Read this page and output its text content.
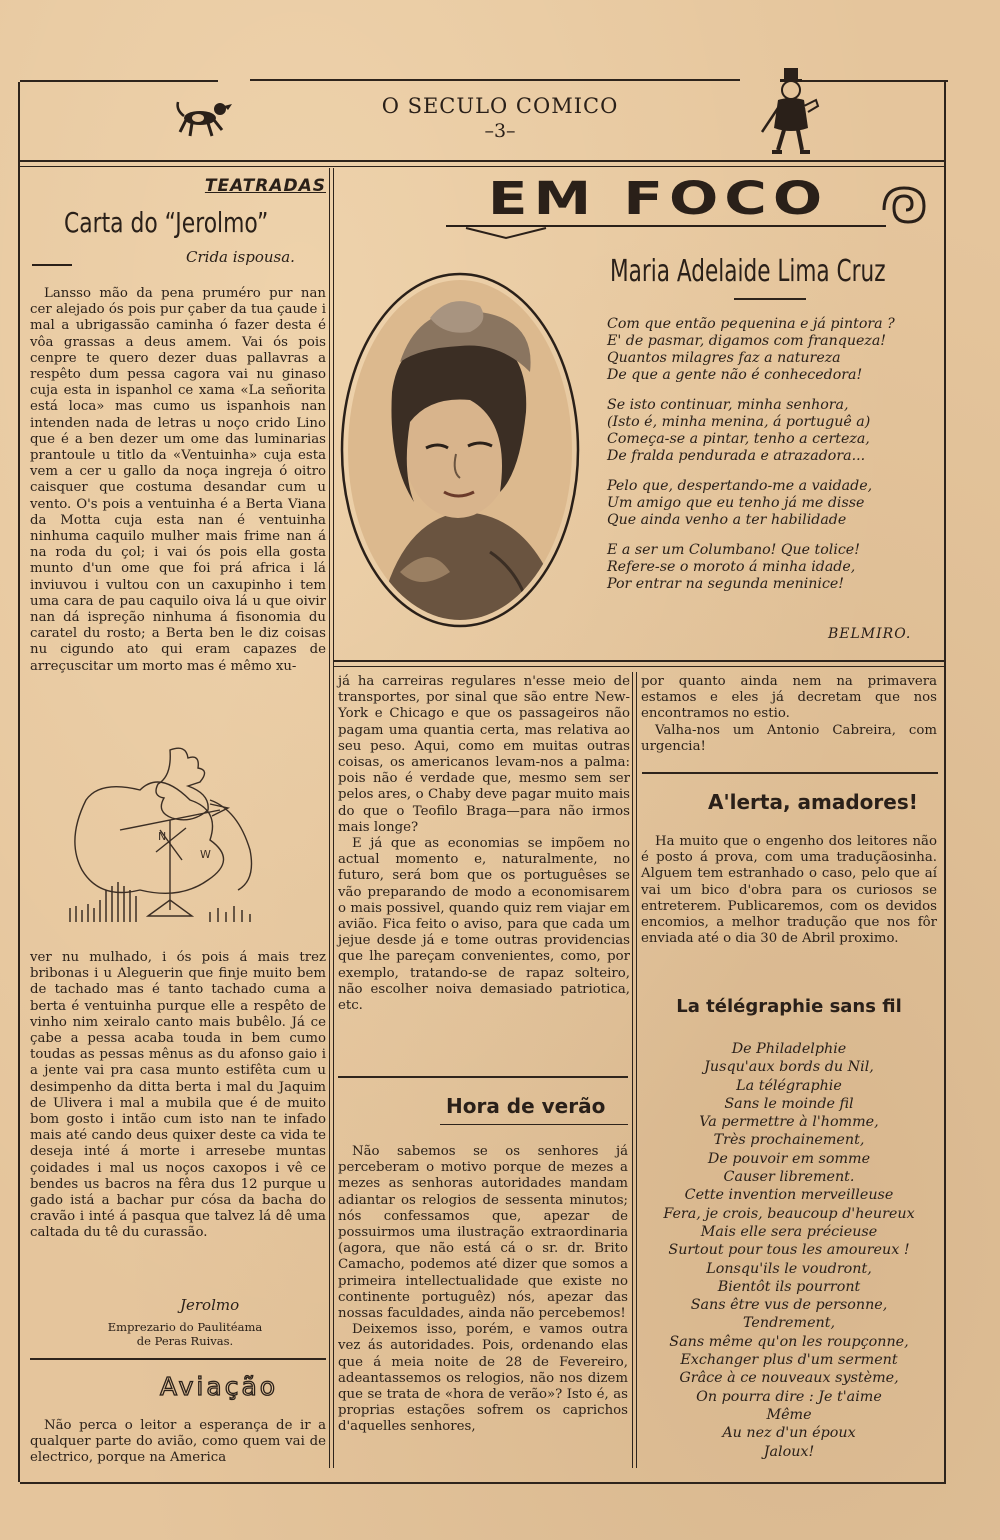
O SECULO COMICO
–3–
TEATRADAS
Carta do “Jerolmo”
Crida ispousa.

Lansso mão da pena pruméro pur nan cer alejado ós pois pur çaber da tua çaude i mal a ubrigassão caminha ó fazer desta é vôa grassas a deus amem. Vai ós pois cenpre te quero dezer duas pallavras a respêto dum pessa cagora vai nu ginaso cuja esta in ispanhol ce xama «La señorita está loca» mas cumo us ispanhois nan intenden nada de letras u noço crido Lino que é a ben dezer um ome das luminarias prantoule u titlo da «Ventuinha» cuja esta vem a cer u gallo da noça ingreja ó oitro caisquer que costuma desandar cum u vento. O's pois a ventuinha é a Berta Viana da Motta cuja esta nan é ventuinha ninhuma caquilo mulher mais frime nan á na roda du çol; i vai ós pois ella gosta munto d'un ome que foi prá africa i lá inviuvou i vultou con un caxupinho i tem uma cara de pau caquilo oiva lá u que oivir nan dá ispreção ninhuma á fisonomia du caratel du rosto; a Berta ben le diz coisas nu cigundo ato qui eram capazes de arreçuscitar um morto mas é mêmo xu-

N
W

ver nu mulhado, i ós pois á mais trez bribonas i u Aleguerin que finje muito bem de tachado mas é tanto tachado cuma a berta é ventuinha purque elle a respêto de vinho nim xeiralo canto mais bubêlo. Já ce çabe a pessa acaba touda in bem cumo toudas as pessas mênus as du afonso gaio i a jente vai pra casa munto estifêta cum u desimpenho da ditta berta i mal du Jaquim de Ulivera i mal a mubila que é de muito bom gosto i intão cum isto nan te infado mais até cando deus quixer deste ca vida te deseja inté á morte i arresebe muntas çoidades i mal us noços caxopos i vê ce bendes us bacros na fêra dus 12 purque u gado istá a bachar pur cósa da bacha do cravão i inté á pasqua que talvez lá dê uma caltada du tê du curassão.

Jerolmo
Emprezario do Paulitéama
de Peras Ruivas.
Aviação

Não perca o leitor a esperança de ir a qualquer parte do avião, como quem vai de electrico, porque na America

EM FOCO
Maria Adelaide Lima Cruz
Com que então pequenina e já pintora ?
E' de pasmar, digamos com franqueza!
Quantos milagres faz a natureza
De que a gente não é conhecedora!
Se isto continuar, minha senhora,
(Isto é, minha menina, á portuguê a)
Começa-se a pintar, tenho a certeza,
De fralda pendurada e atrazadora...
Pelo que, despertando-me a vaidade,
Um amigo que eu tenho já me disse
Que ainda venho a ter habilidade
E a ser um Columbano! Que tolice!
Refere-se o moroto á minha idade,
Por entrar na segunda meninice!
BELMIRO.

já ha carreiras regulares n'esse meio de transportes, por sinal que são entre New-York e Chicago e que os passageiros não pagam uma quantia certa, mas relativa ao seu peso. Aqui, como em muitas outras coisas, os americanos levam-nos a palma: pois não é verdade que, mesmo sem ser pelos ares, o Chaby deve pagar muito mais do que o Teofilo Braga—para não irmos mais longe?

E já que as economias se impõem no actual momento e, naturalmente, no futuro, será bom que os portuguêses se vão preparando de modo a economisarem o mais possivel, quando quiz rem viajar em avião. Fica feito o aviso, para que cada um jejue desde já e tome outras providencias que lhe pareçam convenientes, como, por exemplo, tratando-se de rapaz solteiro, não escolher noiva demasiado patriotica, etc.

Hora de verão

Não sabemos se os senhores já perceberam o motivo porque de mezes a mezes as senhoras autoridades mandam adiantar os relogios de sessenta minutos; nós confessamos que, apezar de possuirmos uma ilustração extraordinaria (agora, que não está cá o sr. dr. Brito Camacho, podemos até dizer que somos a primeira intellectualidade que existe no continente portuguêz) nós, apezar das nossas faculdades, ainda não percebemos!

Deixemos isso, porém, e vamos outra vez ás autoridades. Pois, ordenando elas que á meia noite de 28 de Fevereiro, adeantassemos os relogios, não nos dizem que se trata de «hora de verão»? Isto é, as proprias estações sofrem os caprichos d'aquelles senhores,

por quanto ainda nem na primavera estamos e eles já decretam que nos encontramos no estio.

Valha-nos um Antonio Cabreira, com urgencia!

A'lerta, amadores!

Ha muito que o engenho dos leitores não é posto á prova, com uma traduçãosinha. Alguem tem estranhado o caso, pelo que aí vai um bico d'obra para os curiosos se entreterem. Publicaremos, com os devidos encomios, a melhor tradução que nos fôr enviada até o dia 30 de Abril proximo.

La télégraphie sans fil
De Philadelphie
Jusqu'aux bords du Nil,
La télégraphie
Sans le moinde fil
Va permettre à l'homme,
Très prochainement,
De pouvoir em somme
Causer librement.
Cette invention merveilleuse
Fera, je crois, beaucoup d'heureux
Mais elle sera précieuse
Surtout pour tous les amoureux !
Lonsqu'ils le voudront,
Bientôt ils pourront
Sans être vus de personne,
Tendrement,
Sans même qu'on les roupçonne,
Exchanger plus d'um serment
Grâce à ce nouveaux système,
On pourra dire : Je t'aime
Même
Au nez d'un époux
Jaloux!
